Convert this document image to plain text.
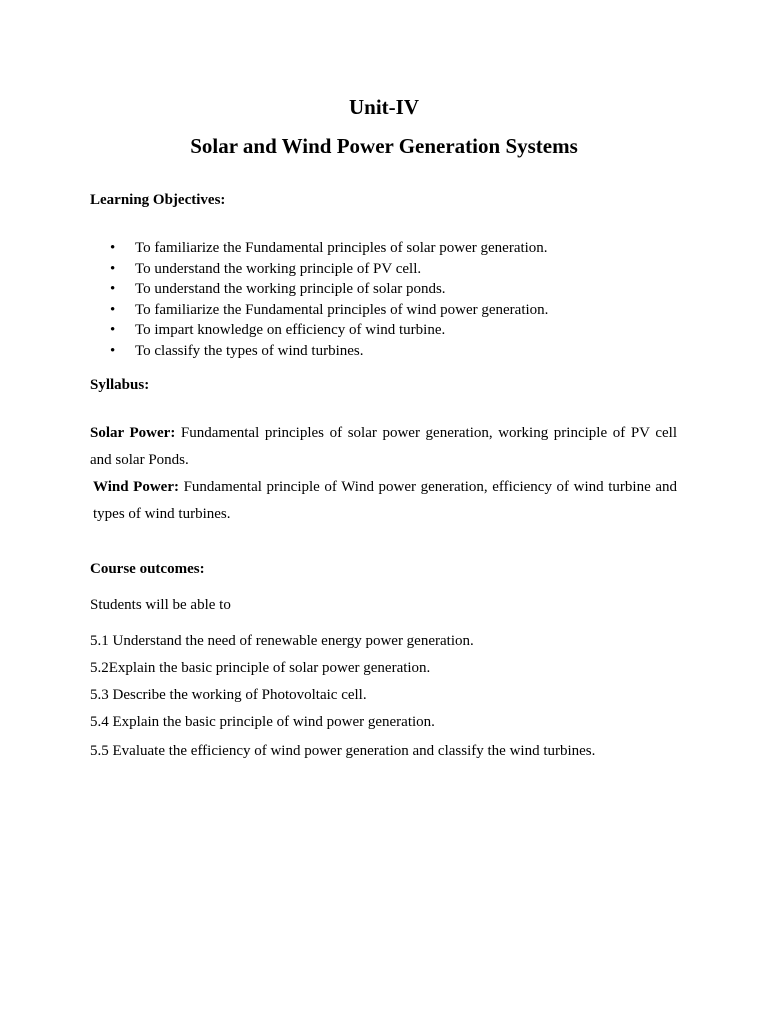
Unit-IV
Solar and Wind Power Generation Systems
Learning Objectives:
• To familiarize the Fundamental principles of solar power generation.
• To understand the working principle of PV cell.
• To understand the working principle of solar ponds.
• To familiarize the Fundamental principles of wind power generation.
• To impart knowledge on efficiency of wind turbine.
• To classify the types of wind turbines.
Syllabus:
Solar Power: Fundamental principles of solar power generation, working principle of PV cell and solar Ponds.
Wind Power: Fundamental principle of Wind power generation, efficiency of wind turbine and types of wind turbines.
Course outcomes:
Students will be able to
5.1 Understand the need of renewable energy power generation.
5.2Explain the basic principle of solar power generation.
5.3 Describe the working of Photovoltaic cell.
5.4 Explain the basic principle of wind power generation.
5.5 Evaluate the efficiency of wind power generation and classify the wind turbines.
